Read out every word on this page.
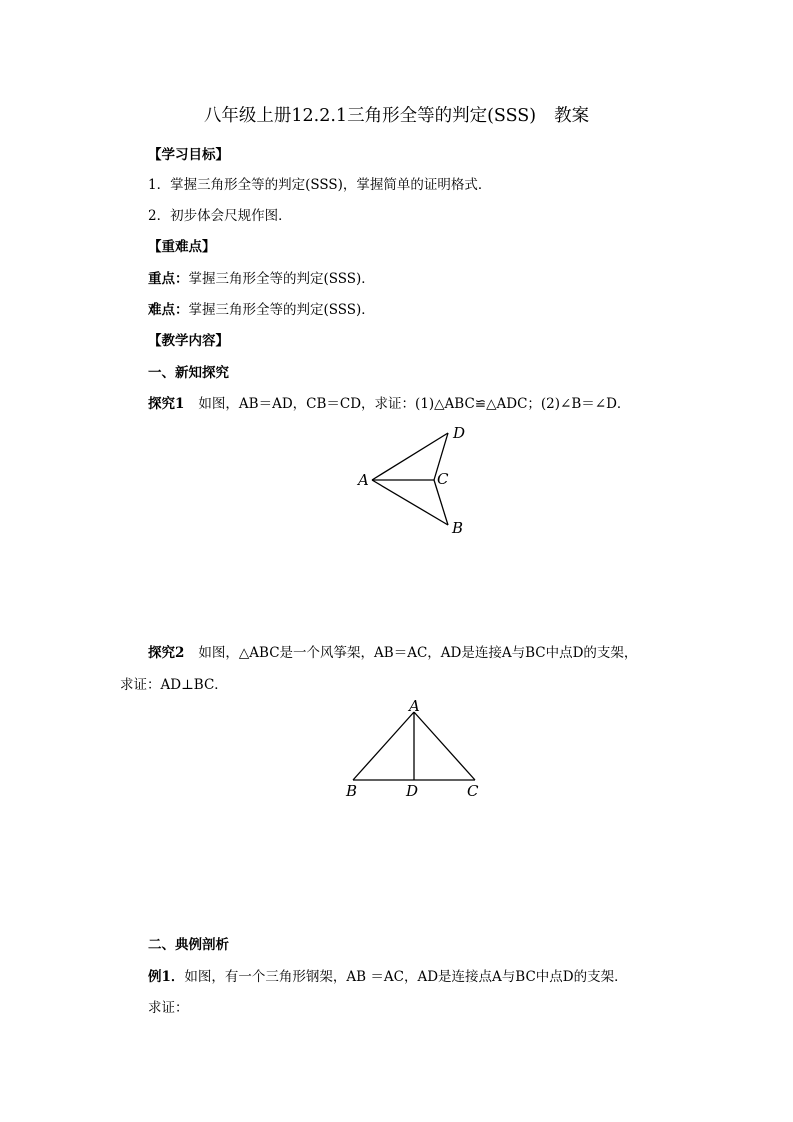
八年级上册12.2.1三角形全等的判定(SSS) 教案
【学习目标】
1．掌握三角形全等的判定(SSS)，掌握简单的证明格式．
2．初步体会尺规作图．
【重难点】
重点：掌握三角形全等的判定(SSS)．
难点：掌握三角形全等的判定(SSS)．
【教学内容】
一、新知探究
探究1 如图，AB＝AD，CB＝CD，求证：(1)△ABC≌△ADC；(2)∠B＝∠D．
A
D
C
B
探究2 如图，△ABC是一个风筝架，AB＝AC，AD是连接A与BC中点D的支架，
求证：AD⊥BC．
A
B	D	C
二、典例剖析
例1．如图，有一个三角形钢架，AB ＝AC，AD是连接点A与BC中点D的支架．
求证：
